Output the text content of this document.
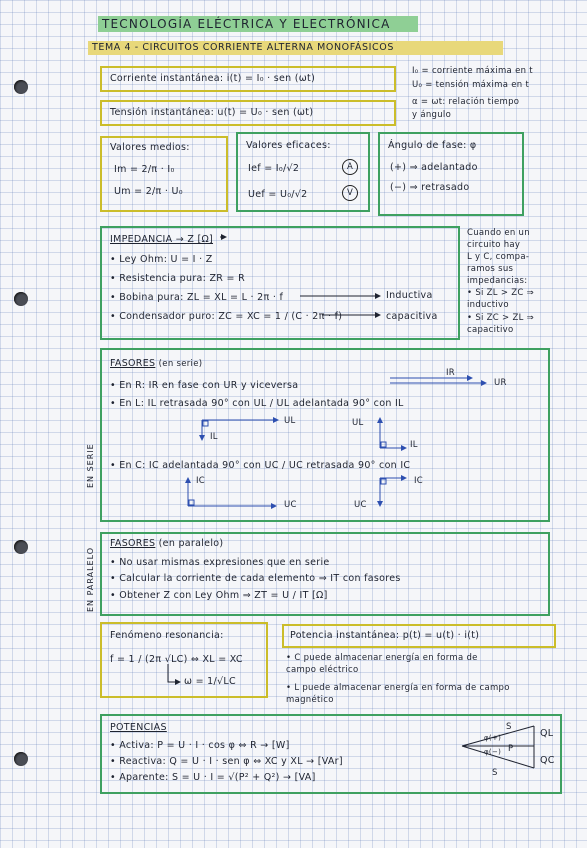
TECNOLOGÍA ELÉCTRICA Y ELECTRÓNICA
TEMA 4 - CIRCUITOS CORRIENTE ALTERNA MONOFÁSICOS
Corriente instantánea: i(t) = I₀ · sen (ωt)
Tensión instantánea: u(t) = U₀ · sen (ωt)
I₀ = corriente máxima en t
U₀ = tensión máxima en t
α = ωt: relación tiempo
y ángulo
Valores medios:
Im = 2/π · I₀
Um = 2/π · U₀
Valores eficaces:
Ief = I₀/√2	A
Uef = U₀/√2	V
Ángulo de fase: φ
(+) ⇒ adelantado
(−) ⇒ retrasado
IMPEDANCIA → Z [Ω]
• Ley Ohm: U = I · Z
• Resistencia pura: ZR = R
• Bobina pura: ZL = XL = L · 2π · f	Inductiva
• Condensador puro: ZC = XC = 1 / (C · 2π · f)	capacitiva
Cuando en un
circuito hay
L y C, compa-
ramos sus
impedancias:
• Si ZL > ZC ⇒
inductivo
• Si ZC > ZL ⇒
capacitivo
EN SERIE
FASORES (en serie)
• En R: IR en fase con UR y viceversa
• En L: IL retrasada 90° con UL / UL adelantada 90° con IL
• En C: IC adelantada 90° con UC / UC retrasada 90° con IC
IR
UR
UL
IL
UL
IL
IC
UC
IC
UC
EN PARALELO
FASORES (en paralelo)
• No usar mismas expresiones que en serie
• Calcular la corriente de cada elemento ⇒ IT con fasores
• Obtener Z con Ley Ohm ⇒ ZT = U / IT [Ω]
Fenómeno resonancia:
f = 1 / (2π √LC) ⇔ XL = XC
ω = 1/√LC
Potencia instantánea: p(t) = u(t) · i(t)
• C puede almacenar energía en forma de
campo eléctrico
• L puede almacenar energía en forma de campo
magnético
POTENCIAS
• Activa: P = U · I · cos φ ⇔ R → [W]
• Reactiva: Q = U · I · sen φ ⇔ XC y XL → [VAr]
• Aparente: S = U · I = √(P² + Q²) → [VA]
S
S
P
φ(+)
φ(−)
QL
QC
